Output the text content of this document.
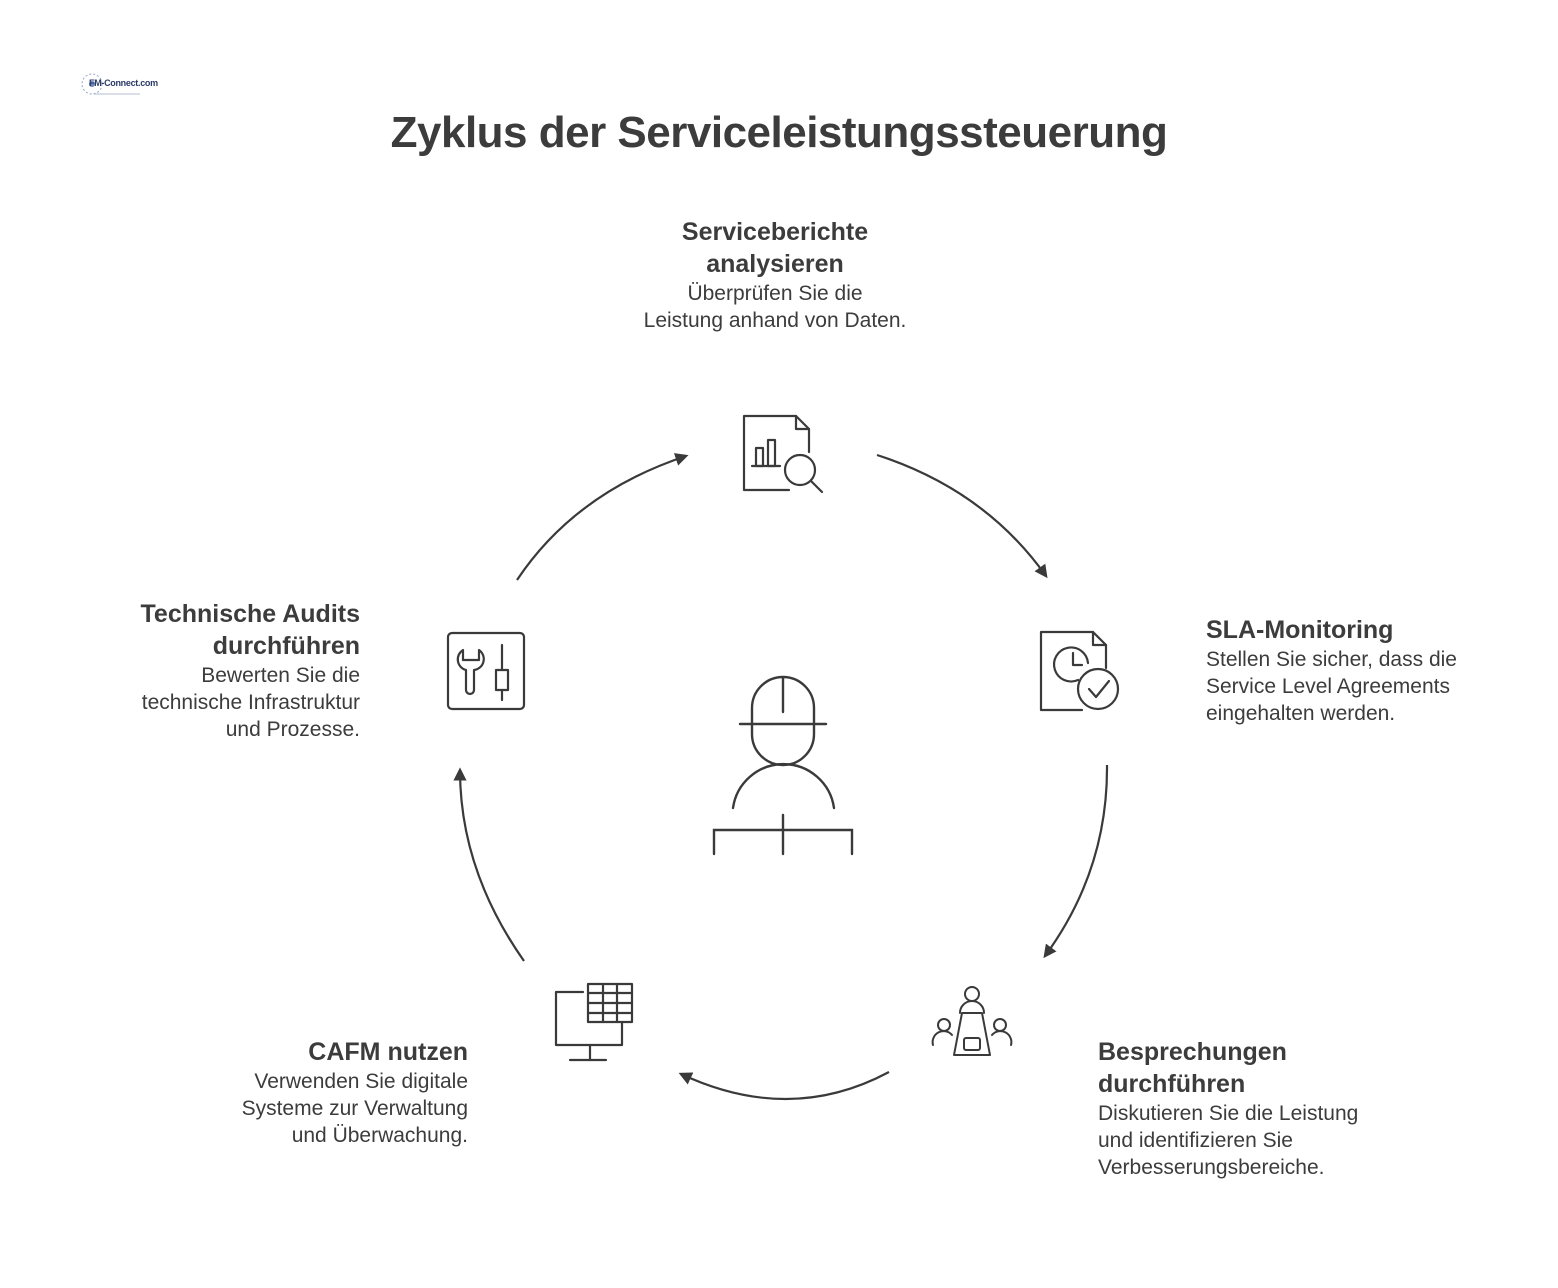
FM-Connect.com
Zyklus der Serviceleistungssteuerung
Serviceberichte
analysieren
Überprüfen Sie die
Leistung anhand von Daten.
SLA-Monitoring
Stellen Sie sicher, dass die
Service Level Agreements
eingehalten werden.
Besprechungen
durchführen
Diskutieren Sie die Leistung
und identifizieren Sie
Verbesserungsbereiche.
CAFM nutzen
Verwenden Sie digitale
Systeme zur Verwaltung
und Überwachung.
Technische Audits
durchführen
Bewerten Sie die
technische Infrastruktur
und Prozesse.
